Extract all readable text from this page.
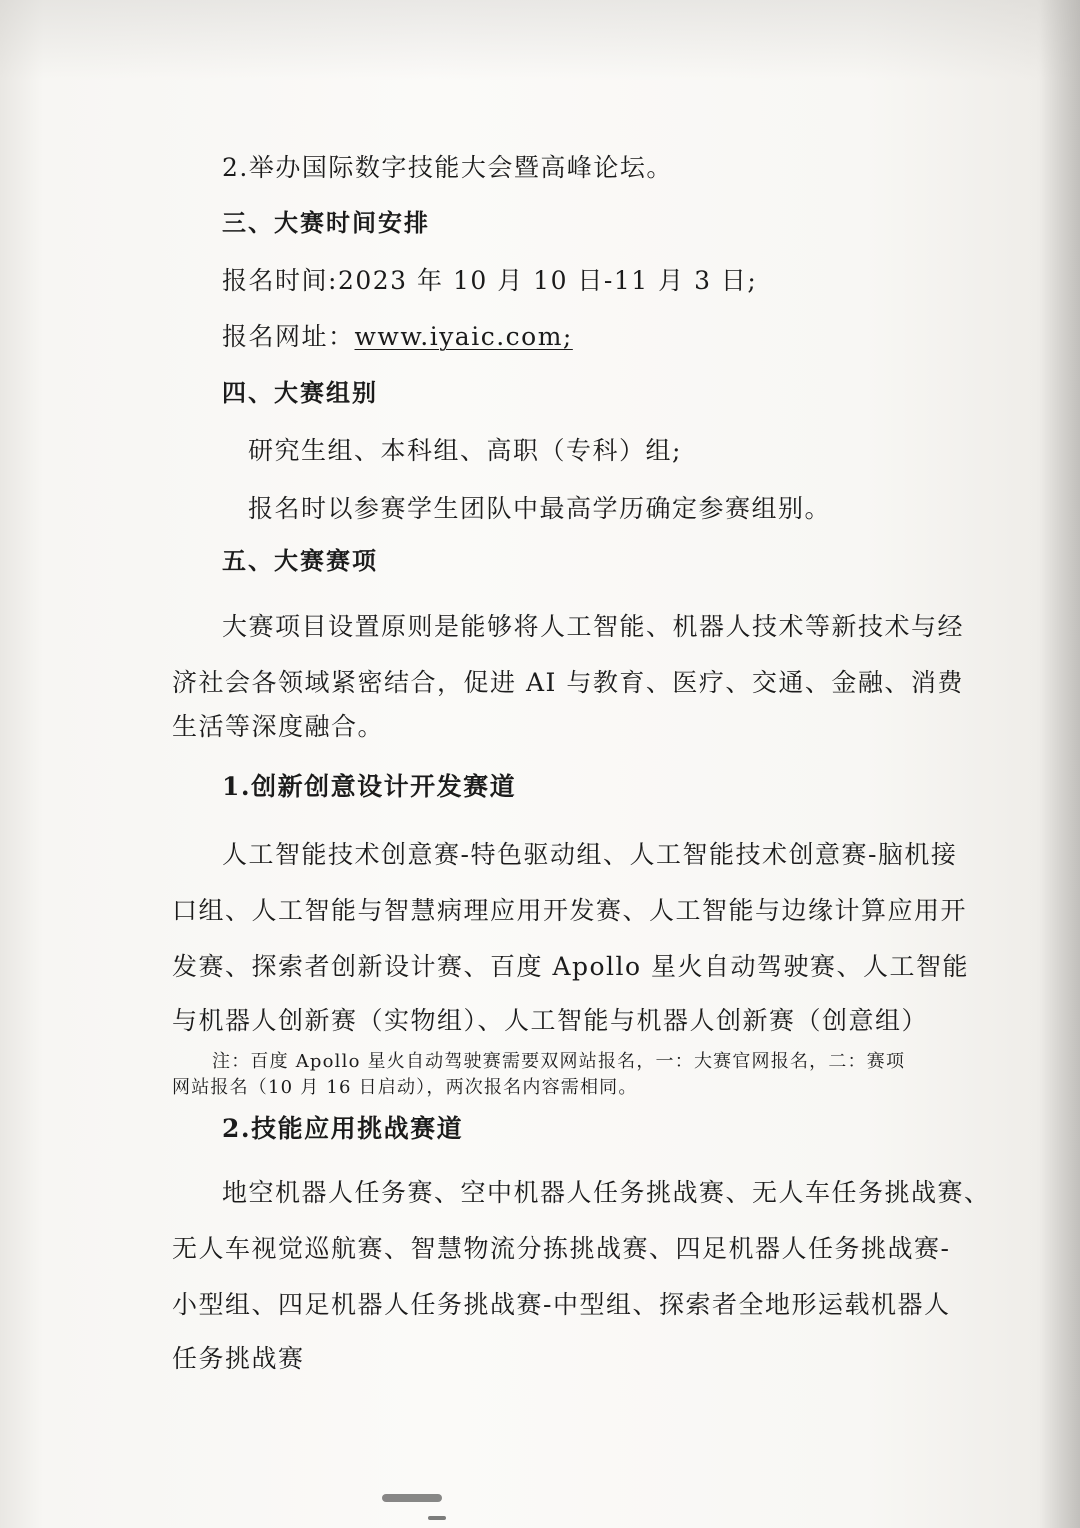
2.举办国际数字技能大会暨高峰论坛。
三、大赛时间安排
报名时间:2023 年 10 月 10 日-11 月 3 日;
报名网址：www.iyaic.com;
四、大赛组别
研究生组、本科组、高职（专科）组;
报名时以参赛学生团队中最高学历确定参赛组别。
五、大赛赛项
大赛项目设置原则是能够将人工智能、机器人技术等新技术与经
济社会各领域紧密结合，促进 AI 与教育、医疗、交通、金融、消费
生活等深度融合。
1.创新创意设计开发赛道
人工智能技术创意赛-特色驱动组、人工智能技术创意赛-脑机接
口组、人工智能与智慧病理应用开发赛、人工智能与边缘计算应用开
发赛、探索者创新设计赛、百度 Apollo 星火自动驾驶赛、人工智能
与机器人创新赛（实物组）、人工智能与机器人创新赛（创意组）
注：百度 Apollo 星火自动驾驶赛需要双网站报名，一：大赛官网报名，二：赛项
网站报名（10 月 16 日启动），两次报名内容需相同。
2.技能应用挑战赛道
地空机器人任务赛、空中机器人任务挑战赛、无人车任务挑战赛、
无人车视觉巡航赛、智慧物流分拣挑战赛、四足机器人任务挑战赛-
小型组、四足机器人任务挑战赛-中型组、探索者全地形运载机器人
任务挑战赛
